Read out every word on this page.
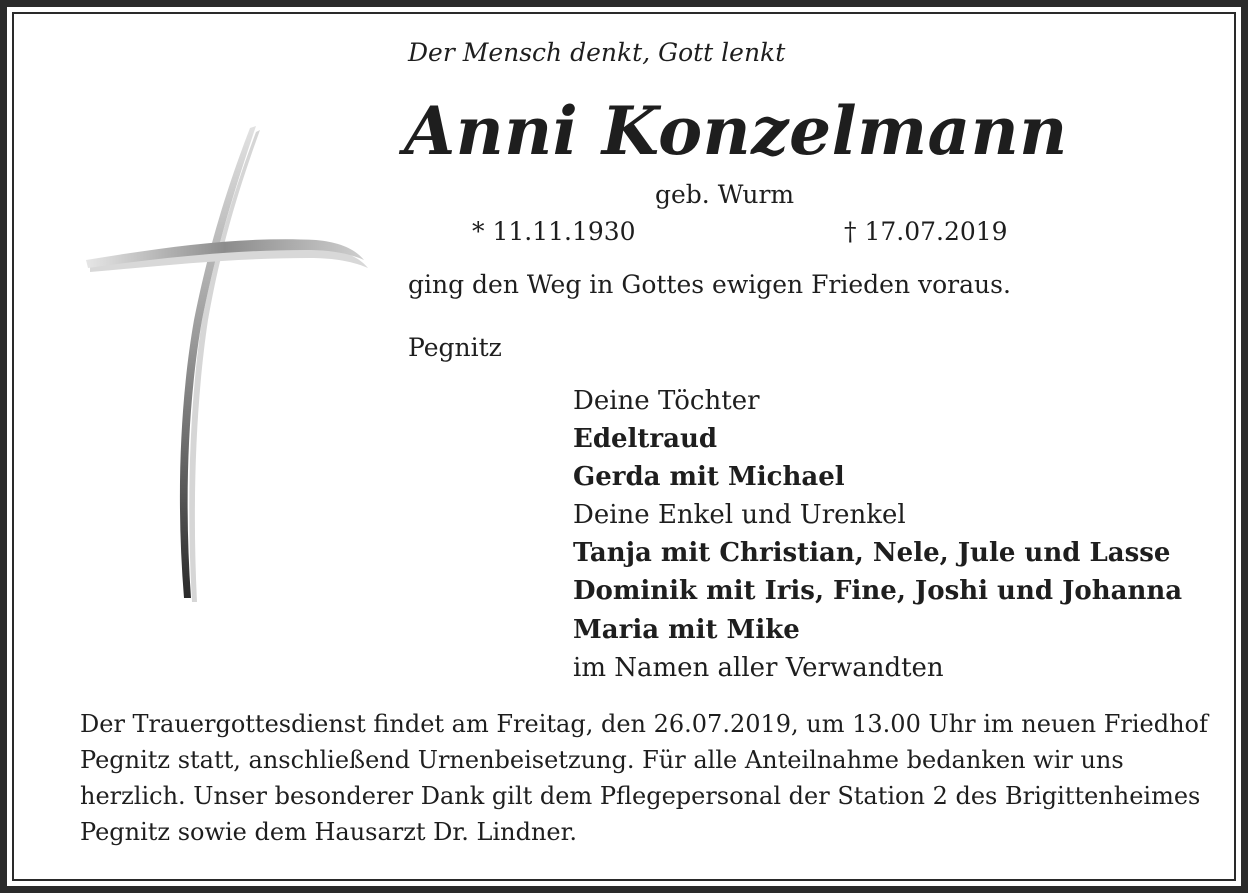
Der Mensch denkt, Gott lenkt
Anni Konzelmann
geb. Wurm
* 11.11.1930	† 17.07.2019
ging den Weg in Gottes ewigen Frieden voraus.
Pegnitz
Deine Töchter
Edeltraud
Gerda mit Michael
Deine Enkel und Urenkel
Tanja mit Christian, Nele, Jule und Lasse
Dominik mit Iris, Fine, Joshi und Johanna
Maria mit Mike
im Namen aller Verwandten

Der Trauergottesdienst findet am Freitag, den 26.07.2019, um 13.00 Uhr im neuen Friedhof

Pegnitz statt, anschließend Urnenbeisetzung. Für alle Anteilnahme bedanken wir uns

herzlich. Unser besonderer Dank gilt dem Pflegepersonal der Station 2 des Brigittenheimes

Pegnitz sowie dem Hausarzt Dr. Lindner.
